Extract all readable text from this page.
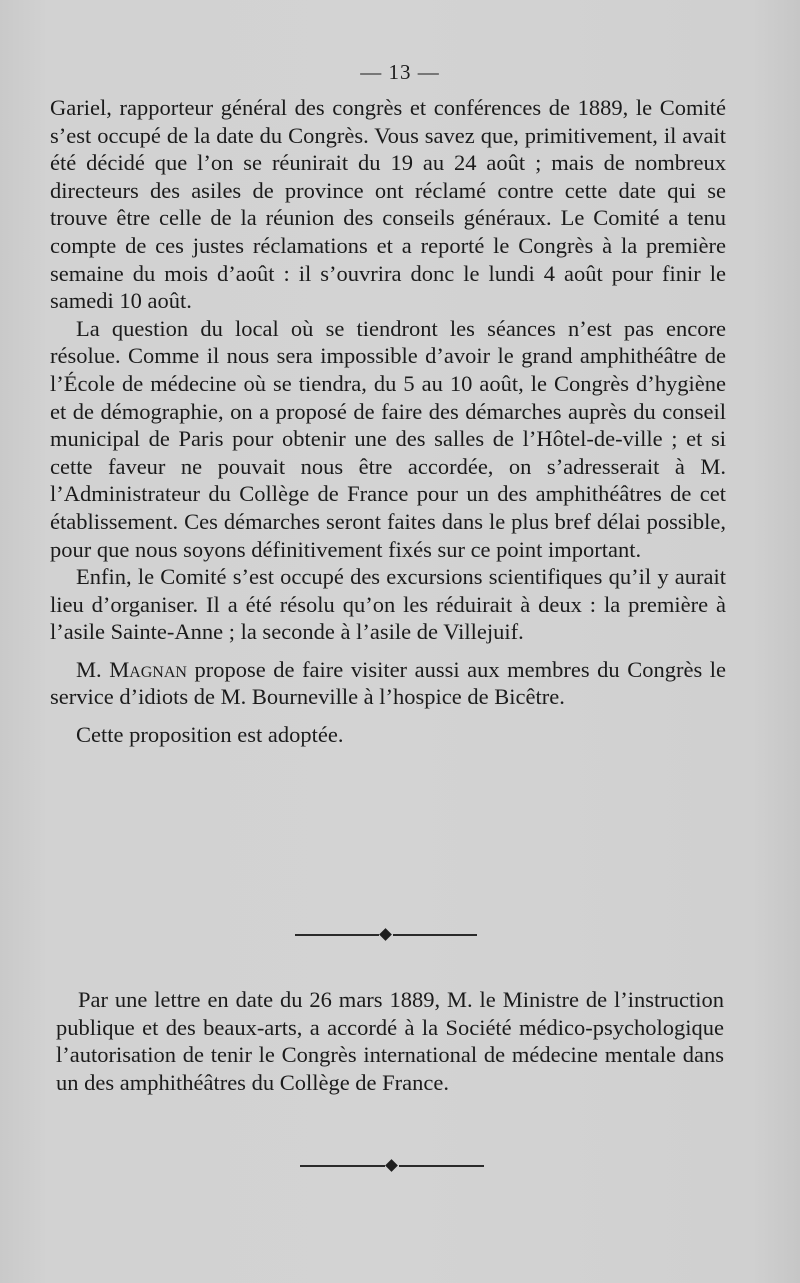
— 13 —

Gariel, rapporteur général des congrès et conférences de 1889, le Comité s’est occupé de la date du Congrès. Vous savez que, primitivement, il avait été décidé que l’on se réunirait du 19 au 24 août ; mais de nombreux directeurs des asiles de province ont réclamé contre cette date qui se trouve être celle de la réunion des conseils généraux. Le Comité a tenu compte de ces justes réclamations et a reporté le Congrès à la première semaine du mois d’août : il s’ouvrira donc le lundi 4 août pour finir le samedi 10 août.

La question du local où se tiendront les séances n’est pas encore résolue. Comme il nous sera impossible d’avoir le grand amphithéâtre de l’École de médecine où se tiendra, du 5 au 10 août, le Congrès d’hygiène et de démographie, on a proposé de faire des démarches auprès du conseil municipal de Paris pour obtenir une des salles de l’Hôtel-de-ville ; et si cette faveur ne pouvait nous être accordée, on s’adresserait à M. l’Administrateur du Collège de France pour un des amphithéâtres de cet établissement. Ces démarches seront faites dans le plus bref délai possible, pour que nous soyons définitivement fixés sur ce point important.

Enfin, le Comité s’est occupé des excursions scientifiques qu’il y aurait lieu d’organiser. Il a été résolu qu’on les réduirait à deux : la première à l’asile Sainte-Anne ; la seconde à l’asile de Villejuif.

M. Magnan propose de faire visiter aussi aux membres du Congrès le service d’idiots de M. Bourneville à l’hospice de Bicêtre.

Cette proposition est adoptée.

Par une lettre en date du 26 mars 1889, M. le Ministre de l’instruction publique et des beaux-arts, a accordé à la Société médico-psychologique l’autorisation de tenir le Congrès international de médecine mentale dans un des amphithéâtres du Collège de France.
